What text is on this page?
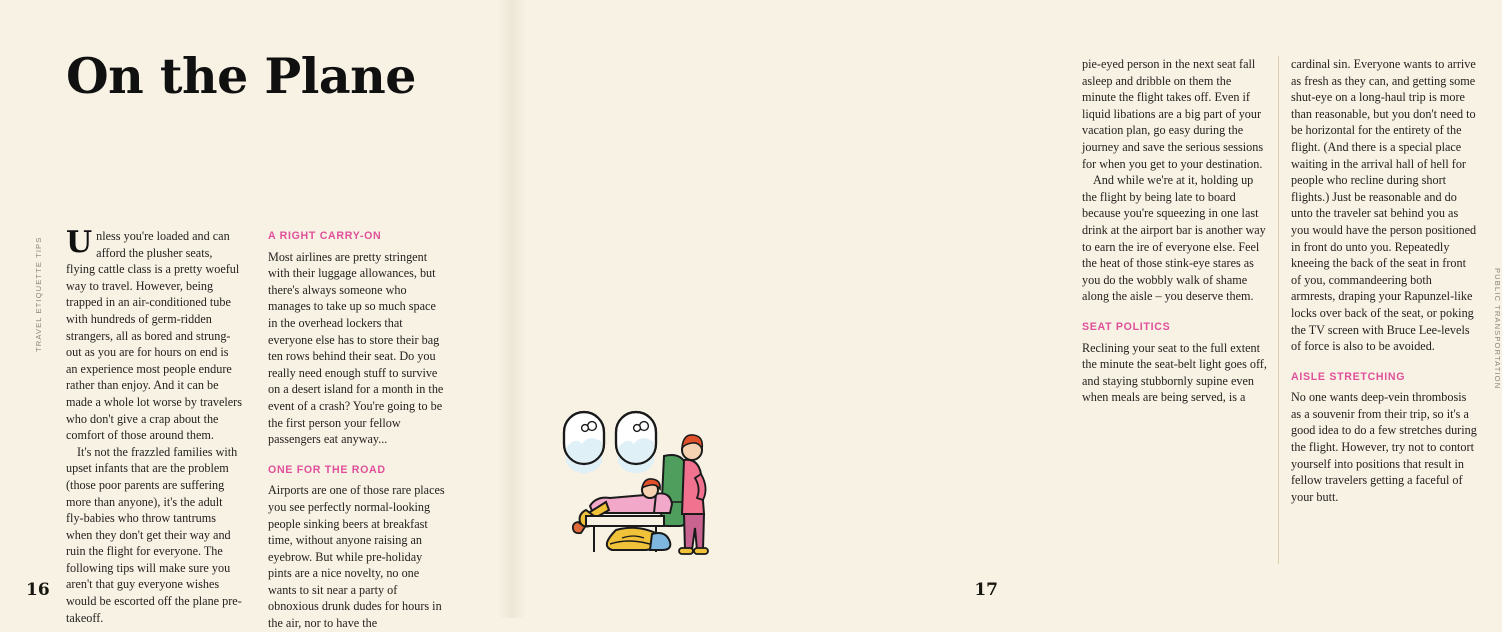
On the Plane
TRAVEL ETIQUETTE TIPS Unless you're loaded and can afford the plusher seats, flying cattle class is a pretty woeful way to travel. However, being trapped in an air-conditioned tube with hundreds of germ-ridden strangers, all as bored and strung-out as you are for hours on end is an experience most people endure rather than enjoy. And it can be made a whole lot worse by travelers who don't give a crap about the comfort of those around them.

It's not the frazzled families with upset infants that are the problem (those poor parents are suffering more than anyone), it's the adult fly-babies who throw tantrums when they don't get their way and ruin the flight for everyone. The following tips will make sure you aren't that guy everyone wishes would be escorted off the plane pre-takeoff.

A RIGHT CARRY-ON

Most airlines are pretty stringent with their luggage allowances, but there's always someone who manages to take up so much space in the overhead lockers that everyone else has to store their bag ten rows behind their seat. Do you really need enough stuff to survive on a desert island for a month in the event of a crash? You're going to be the first person your fellow passengers eat anyway...

ONE FOR THE ROAD

Airports are one of those rare places you see perfectly normal-looking people sinking beers at breakfast time, without anyone raising an eyebrow. But while pre-holiday pints are a nice novelty, no one wants to sit near a party of obnoxious drunk dudes for hours in the air, nor to have the

16

pie-eyed person in the next seat fall asleep and dribble on them the minute the flight takes off. Even if liquid libations are a big part of your vacation plan, go easy during the journey and save the serious sessions for when you get to your destination.

And while we're at it, holding up the flight by being late to board because you're squeezing in one last drink at the airport bar is another way to earn the ire of everyone else. Feel the heat of those stink-eye stares as you do the wobbly walk of shame along the aisle – you deserve them.

SEAT POLITICS

Reclining your seat to the full extent the minute the seat-belt light goes off, and staying stubbornly supine even when meals are being served, is a

cardinal sin. Everyone wants to arrive as fresh as they can, and getting some shut-eye on a long-haul trip is more than reasonable, but you don't need to be horizontal for the entirety of the flight. (And there is a special place waiting in the arrival hall of hell for people who recline during short flights.) Just be reasonable and do unto the traveler sat behind you as you would have the person positioned in front do unto you. Repeatedly kneeing the back of the seat in front of you, commandeering both armrests, draping your Rapunzel-like locks over back of the seat, or poking the TV screen with Bruce Lee-levels of force is also to be avoided.

AISLE STRETCHING

No one wants deep-vein thrombosis as a souvenir from their trip, so it's a good idea to do a few stretches during the flight. However, try not to contort yourself into positions that result in fellow travelers getting a faceful of your butt.

PUBLIC TRANSPORTATION
17
